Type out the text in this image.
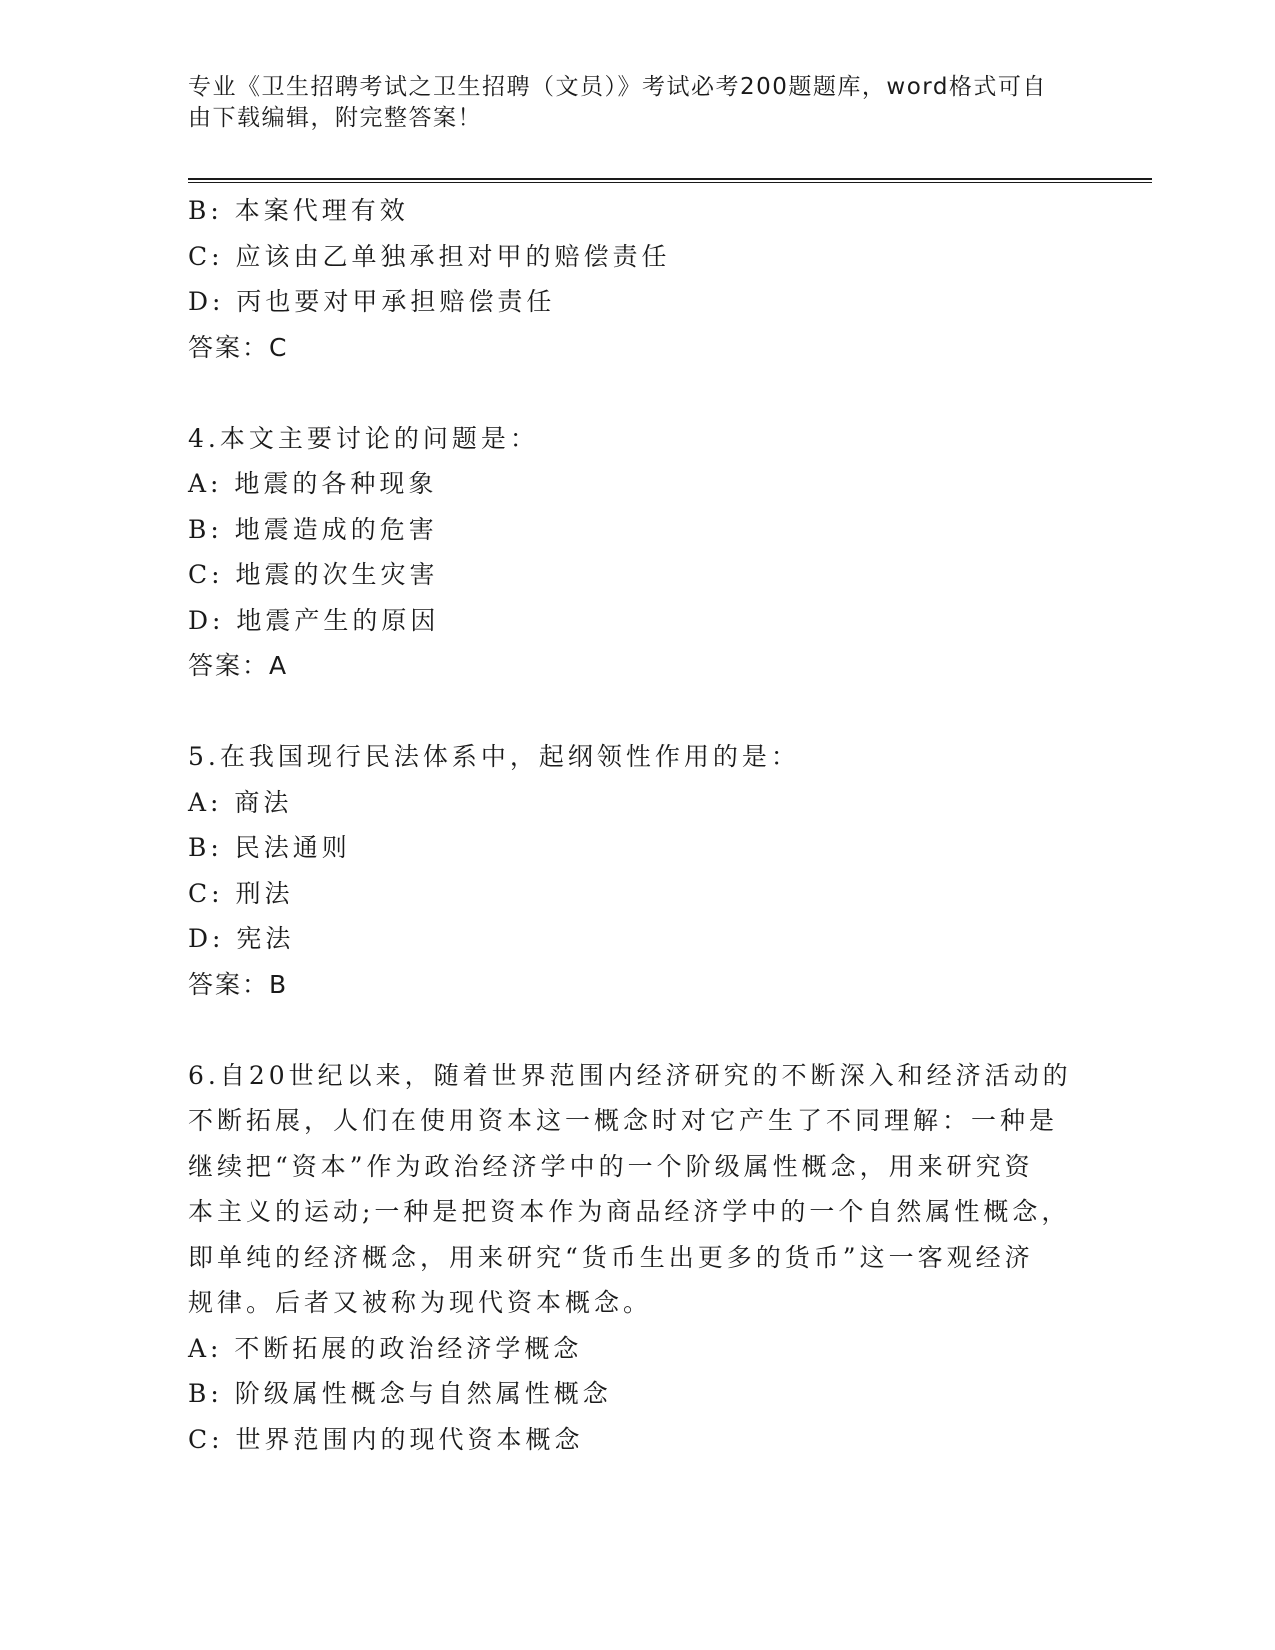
专业《卫生招聘考试之卫生招聘（文员）》考试必考200题题库，word格式可自
由下载编辑，附完整答案！
B: 本案代理有效
C: 应该由乙单独承担对甲的赔偿责任
D: 丙也要对甲承担赔偿责任
答案：C
4.本文主要讨论的问题是：
A: 地震的各种现象
B: 地震造成的危害
C: 地震的次生灾害
D: 地震产生的原因
答案：A
5.在我国现行民法体系中，起纲领性作用的是：
A: 商法
B: 民法通则
C: 刑法
D: 宪法
答案：B
6.自20世纪以来，随着世界范围内经济研究的不断深入和经济活动的
不断拓展，人们在使用资本这一概念时对它产生了不同理解：一种是
继续把“资本”作为政治经济学中的一个阶级属性概念，用来研究资
本主义的运动;一种是把资本作为商品经济学中的一个自然属性概念，
即单纯的经济概念，用来研究“货币生出更多的货币”这一客观经济
规律。后者又被称为现代资本概念。
A: 不断拓展的政治经济学概念
B: 阶级属性概念与自然属性概念
C: 世界范围内的现代资本概念
